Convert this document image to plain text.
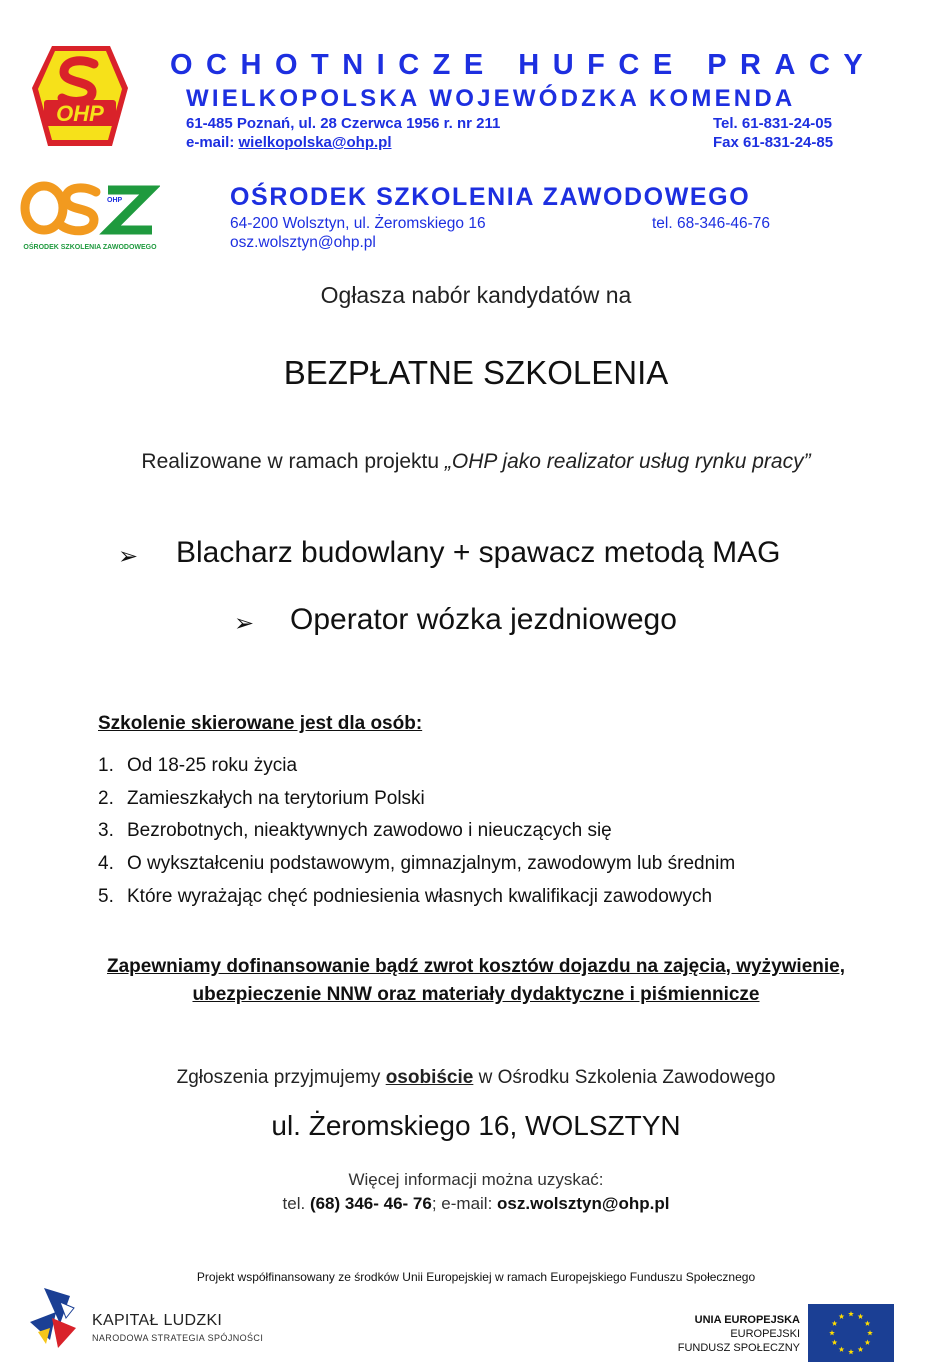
OHP
OCHOTNICZE HUFCE PRACY
WIELKOPOLSKA WOJEWÓDZKA KOMENDA
61-485 Poznań, ul. 28 Czerwca 1956 r. nr 211
e-mail: wielkopolska@ohp.pl
Tel. 61-831-24-05
Fax 61-831-24-85
OHP
OŚRODEK SZKOLENIA ZAWODOWEGO
OŚRODEK SZKOLENIA ZAWODOWEGO
64-200 Wolsztyn, ul. Żeromskiego 16	tel. 68-346-46-76
osz.wolsztyn@ohp.pl
Ogłasza nabór kandydatów na
BEZPŁATNE SZKOLENIA
Realizowane w ramach projektu „OHP jako realizator usług rynku pracy”
➢ Blacharz budowlany + spawacz metodą MAG
➢ Operator wózka jezdniowego
Szkolenie skierowane jest dla osób:
1. Od 18-25 roku życia
2. Zamieszkałych na terytorium Polski
3. Bezrobotnych, nieaktywnych zawodowo i nieuczących się
4. O wykształceniu podstawowym, gimnazjalnym, zawodowym lub średnim
5. Które wyrażając chęć podniesienia własnych kwalifikacji zawodowych
Zapewniamy dofinansowanie bądź zwrot kosztów dojazdu na zajęcia, wyżywienie,
ubezpieczenie NNW oraz materiały dydaktyczne i piśmiennicze
Zgłoszenia przyjmujemy osobiście w Ośrodku Szkolenia Zawodowego
ul. Żeromskiego 16, WOLSZTYN
Więcej informacji można uzyskać:
tel. (68) 346- 46- 76; e-mail: osz.wolsztyn@ohp.pl
Projekt współfinansowany ze środków Unii Europejskiej w ramach Europejskiego Funduszu Społecznego
KAPITAŁ LUDZKI
NARODOWA STRATEGIA SPÓJNOŚCI
UNIA EUROPEJSKA
EUROPEJSKI
FUNDUSZ SPOŁECZNY
